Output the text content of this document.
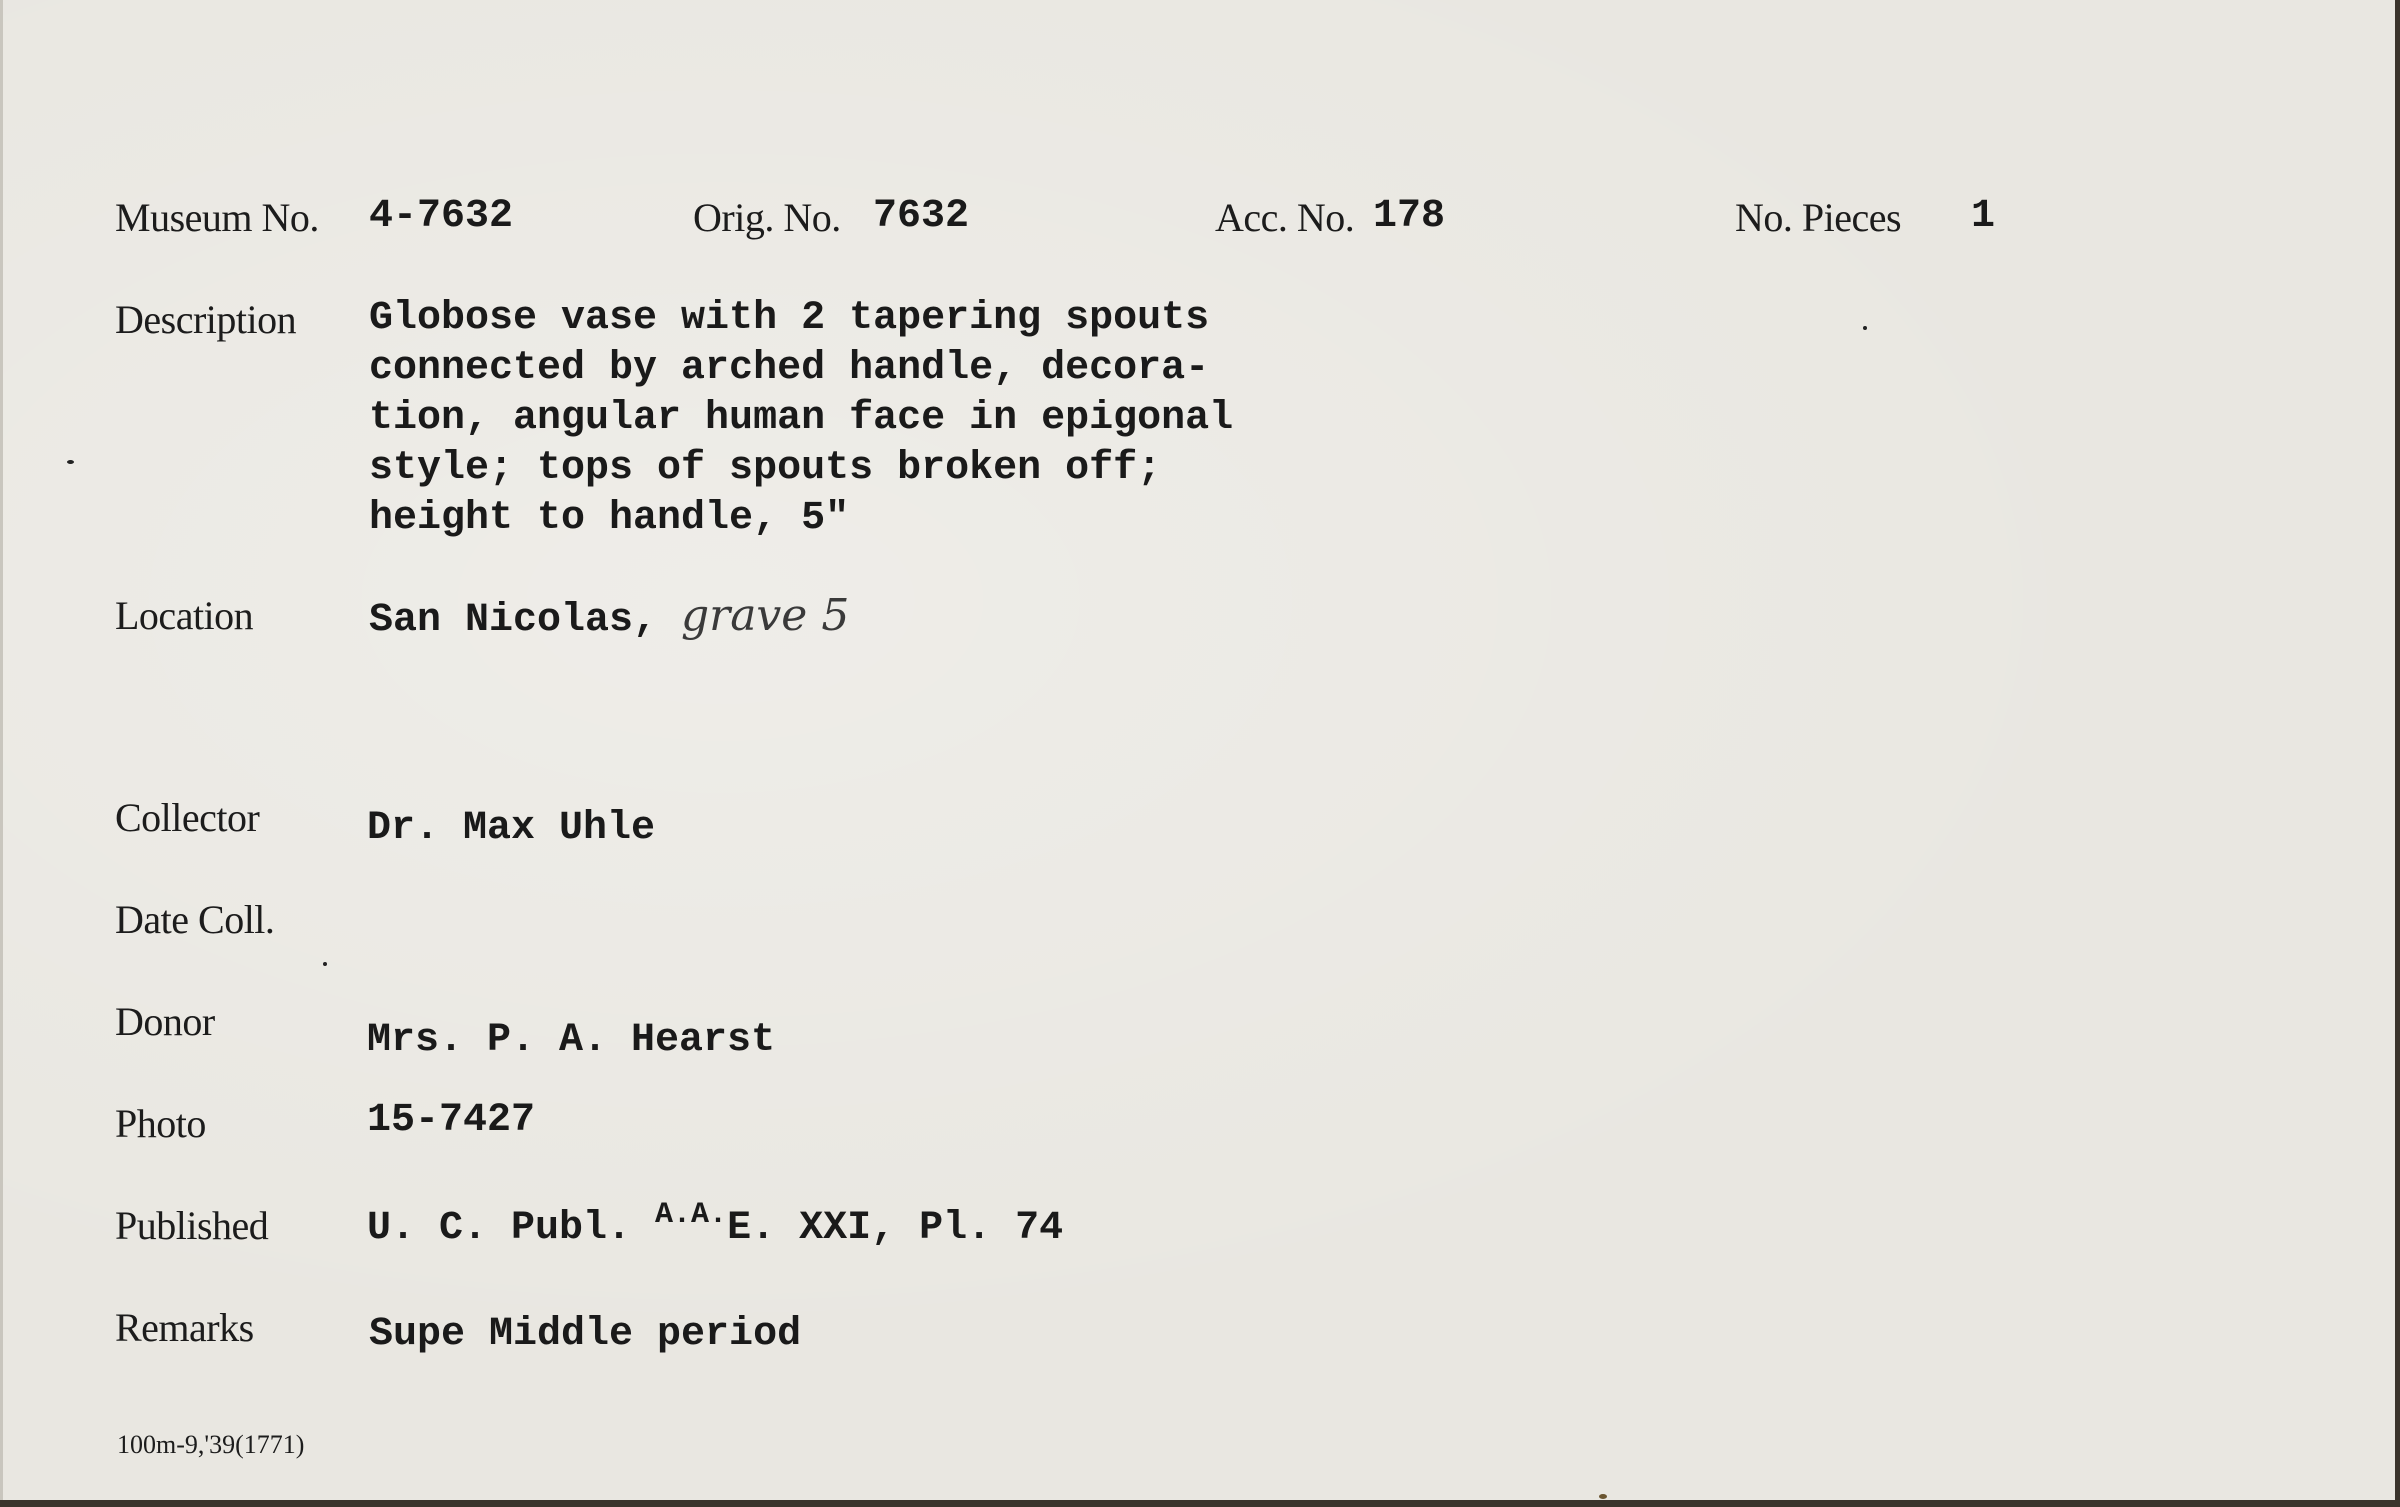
Museum No. 4-7632	Orig. No. 7632	Acc. No. 178	No. Pieces 1
Description Globose vase with 2 tapering spouts
connected by arched handle, decora-
tion, angular human face in epigonal
style; tops of spouts broken off;
height to handle, 5"
Location	San Nicolas, grave 5
Collector	Dr. Max Uhle
Date Coll.
Donor	Mrs. P. A. Hearst
Photo	15-7427
Published U. C. Publ. $^{A.A.}$E. XXI, Pl. 74
Remarks	Supe Middle period
100m-9,'39(1771)
